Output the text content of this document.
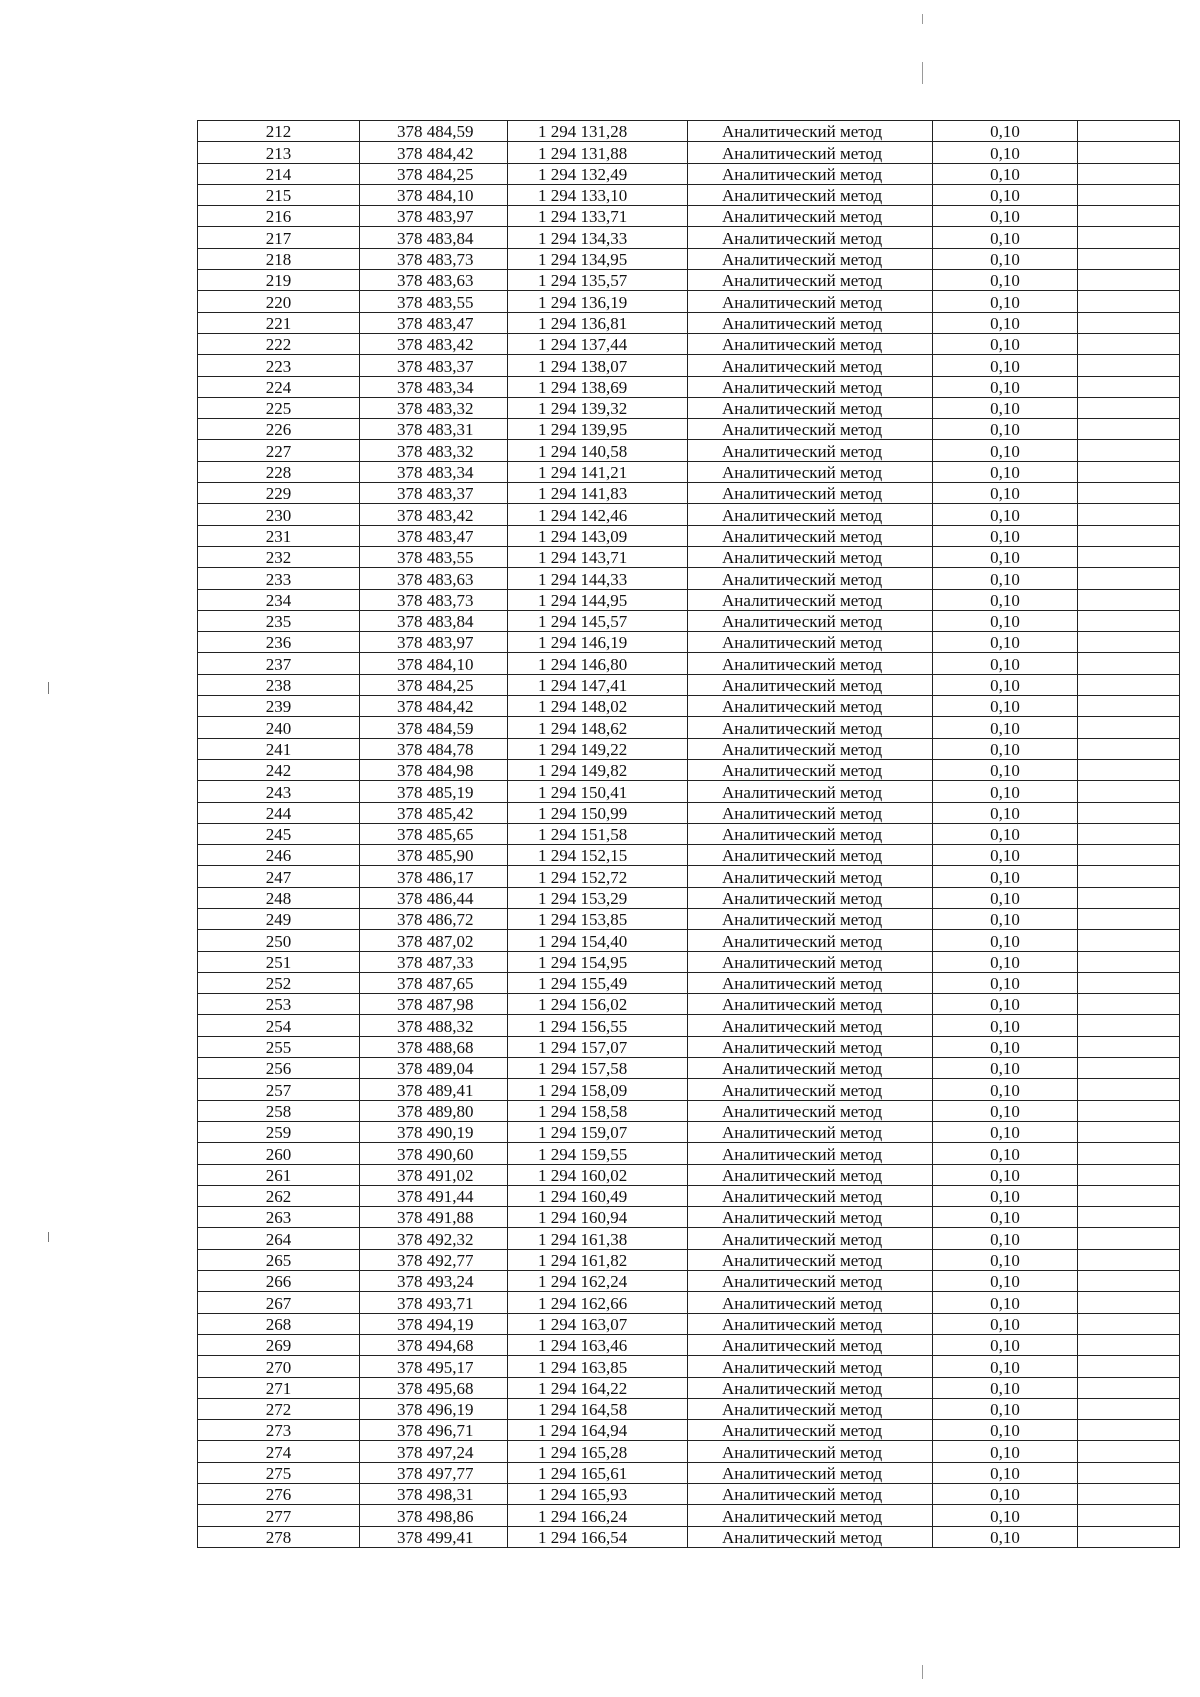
212	378 484,59	1 294 131,28	Аналитический метод	0,10	
213	378 484,42	1 294 131,88	Аналитический метод	0,10	
214	378 484,25	1 294 132,49	Аналитический метод	0,10	
215	378 484,10	1 294 133,10	Аналитический метод	0,10	
216	378 483,97	1 294 133,71	Аналитический метод	0,10	
217	378 483,84	1 294 134,33	Аналитический метод	0,10	
218	378 483,73	1 294 134,95	Аналитический метод	0,10	
219	378 483,63	1 294 135,57	Аналитический метод	0,10	
220	378 483,55	1 294 136,19	Аналитический метод	0,10	
221	378 483,47	1 294 136,81	Аналитический метод	0,10	
222	378 483,42	1 294 137,44	Аналитический метод	0,10	
223	378 483,37	1 294 138,07	Аналитический метод	0,10	
224	378 483,34	1 294 138,69	Аналитический метод	0,10	
225	378 483,32	1 294 139,32	Аналитический метод	0,10	
226	378 483,31	1 294 139,95	Аналитический метод	0,10	
227	378 483,32	1 294 140,58	Аналитический метод	0,10	
228	378 483,34	1 294 141,21	Аналитический метод	0,10	
229	378 483,37	1 294 141,83	Аналитический метод	0,10	
230	378 483,42	1 294 142,46	Аналитический метод	0,10	
231	378 483,47	1 294 143,09	Аналитический метод	0,10	
232	378 483,55	1 294 143,71	Аналитический метод	0,10	
233	378 483,63	1 294 144,33	Аналитический метод	0,10	
234	378 483,73	1 294 144,95	Аналитический метод	0,10	
235	378 483,84	1 294 145,57	Аналитический метод	0,10	
236	378 483,97	1 294 146,19	Аналитический метод	0,10	
237	378 484,10	1 294 146,80	Аналитический метод	0,10	
238	378 484,25	1 294 147,41	Аналитический метод	0,10	
239	378 484,42	1 294 148,02	Аналитический метод	0,10	
240	378 484,59	1 294 148,62	Аналитический метод	0,10	
241	378 484,78	1 294 149,22	Аналитический метод	0,10	
242	378 484,98	1 294 149,82	Аналитический метод	0,10	
243	378 485,19	1 294 150,41	Аналитический метод	0,10	
244	378 485,42	1 294 150,99	Аналитический метод	0,10	
245	378 485,65	1 294 151,58	Аналитический метод	0,10	
246	378 485,90	1 294 152,15	Аналитический метод	0,10	
247	378 486,17	1 294 152,72	Аналитический метод	0,10	
248	378 486,44	1 294 153,29	Аналитический метод	0,10	
249	378 486,72	1 294 153,85	Аналитический метод	0,10	
250	378 487,02	1 294 154,40	Аналитический метод	0,10	
251	378 487,33	1 294 154,95	Аналитический метод	0,10	
252	378 487,65	1 294 155,49	Аналитический метод	0,10	
253	378 487,98	1 294 156,02	Аналитический метод	0,10	
254	378 488,32	1 294 156,55	Аналитический метод	0,10	
255	378 488,68	1 294 157,07	Аналитический метод	0,10	
256	378 489,04	1 294 157,58	Аналитический метод	0,10	
257	378 489,41	1 294 158,09	Аналитический метод	0,10	
258	378 489,80	1 294 158,58	Аналитический метод	0,10	
259	378 490,19	1 294 159,07	Аналитический метод	0,10	
260	378 490,60	1 294 159,55	Аналитический метод	0,10	
261	378 491,02	1 294 160,02	Аналитический метод	0,10	
262	378 491,44	1 294 160,49	Аналитический метод	0,10	
263	378 491,88	1 294 160,94	Аналитический метод	0,10	
264	378 492,32	1 294 161,38	Аналитический метод	0,10	
265	378 492,77	1 294 161,82	Аналитический метод	0,10	
266	378 493,24	1 294 162,24	Аналитический метод	0,10	
267	378 493,71	1 294 162,66	Аналитический метод	0,10	
268	378 494,19	1 294 163,07	Аналитический метод	0,10	
269	378 494,68	1 294 163,46	Аналитический метод	0,10	
270	378 495,17	1 294 163,85	Аналитический метод	0,10	
271	378 495,68	1 294 164,22	Аналитический метод	0,10	
272	378 496,19	1 294 164,58	Аналитический метод	0,10	
273	378 496,71	1 294 164,94	Аналитический метод	0,10	
274	378 497,24	1 294 165,28	Аналитический метод	0,10	
275	378 497,77	1 294 165,61	Аналитический метод	0,10	
276	378 498,31	1 294 165,93	Аналитический метод	0,10	
277	378 498,86	1 294 166,24	Аналитический метод	0,10	
278	378 499,41	1 294 166,54	Аналитический метод	0,10	
